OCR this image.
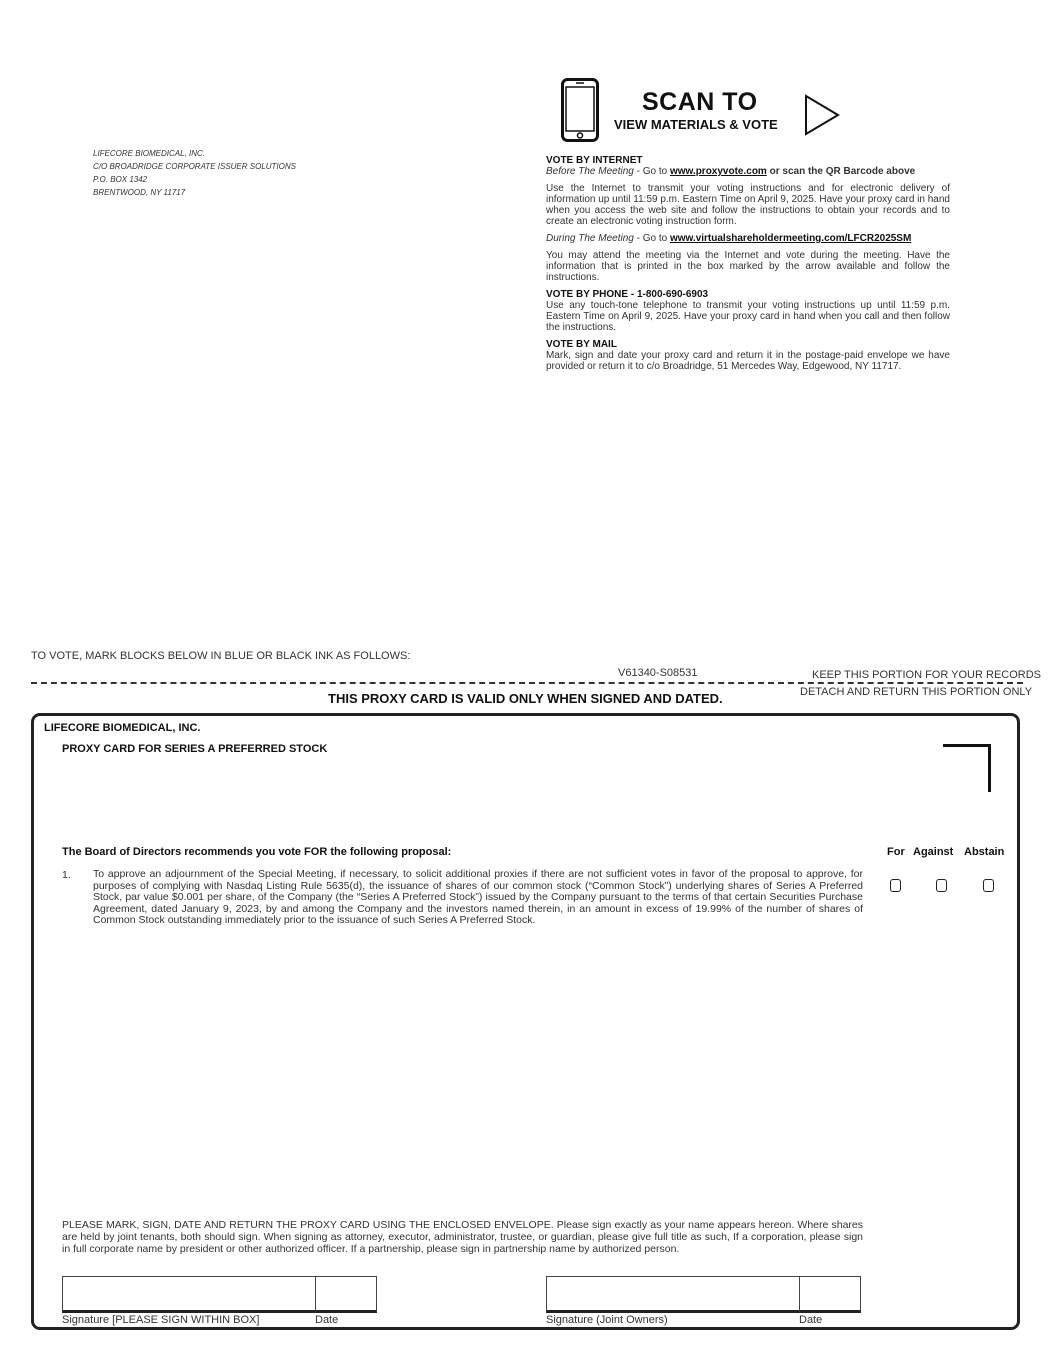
LIFECORE BIOMEDICAL, INC.
C/O BROADRIDGE CORPORATE ISSUER SOLUTIONS
P.O. BOX 1342
BRENTWOOD, NY 11717
SCAN TO
VIEW MATERIALS & VOTE
VOTE BY INTERNET

Before The Meeting - Go to www.proxyvote.com or scan the QR Barcode above

Use the Internet to transmit your voting instructions and for electronic delivery of information up until 11:59 p.m. Eastern Time on April 9, 2025. Have your proxy card in hand when you access the web site and follow the instructions to obtain your records and to create an electronic voting instruction form.

During The Meeting - Go to www.virtualshareholdermeeting.com/LFCR2025SM

You may attend the meeting via the Internet and vote during the meeting. Have the information that is printed in the box marked by the arrow available and follow the instructions.

VOTE BY PHONE - 1-800-690-6903

Use any touch-tone telephone to transmit your voting instructions up until 11:59 p.m. Eastern Time on April 9, 2025. Have your proxy card in hand when you call and then follow the instructions.

VOTE BY MAIL

Mark, sign and date your proxy card and return it in the postage-paid envelope we have provided or return it to c/o Broadridge, 51 Mercedes Way, Edgewood, NY 11717.

TO VOTE, MARK BLOCKS BELOW IN BLUE OR BLACK INK AS FOLLOWS:
V61340-S08531	KEEP THIS PORTION FOR YOUR RECORDS
DETACH AND RETURN THIS PORTION ONLY
THIS PROXY CARD IS VALID ONLY WHEN SIGNED AND DATED.
LIFECORE BIOMEDICAL, INC.
PROXY CARD FOR SERIES A PREFERRED STOCK
The Board of Directors recommends you vote FOR the following proposal:	For Against Abstain
1. To approve an adjournment of the Special Meeting, if necessary, to solicit additional proxies if there are not sufficient votes in favor of the proposal to approve, for purposes of complying with Nasdaq Listing Rule 5635(d), the issuance of shares of our common stock (“Common Stock”) underlying shares of Series A Preferred Stock, par value $0.001 per share, of the Company (the “Series A Preferred Stock”) issued by the Company pursuant to the terms of that certain Securities Purchase Agreement, dated January 9, 2023, by and among the Company and the investors named therein, in an amount in excess of 19.99% of the number of shares of Common Stock outstanding immediately prior to the issuance of such Series A Preferred Stock.
PLEASE MARK, SIGN, DATE AND RETURN THE PROXY CARD USING THE ENCLOSED ENVELOPE. Please sign exactly as your name appears hereon. Where shares are held by joint tenants, both should sign. When signing as attorney, executor, administrator, trustee, or guardian, please give full title as such, If a corporation, please sign in full corporate name by president or other authorized officer. If a partnership, please sign in partnership name by authorized person.
Signature [PLEASE SIGN WITHIN BOX]	Date	Signature (Joint Owners)	Date
